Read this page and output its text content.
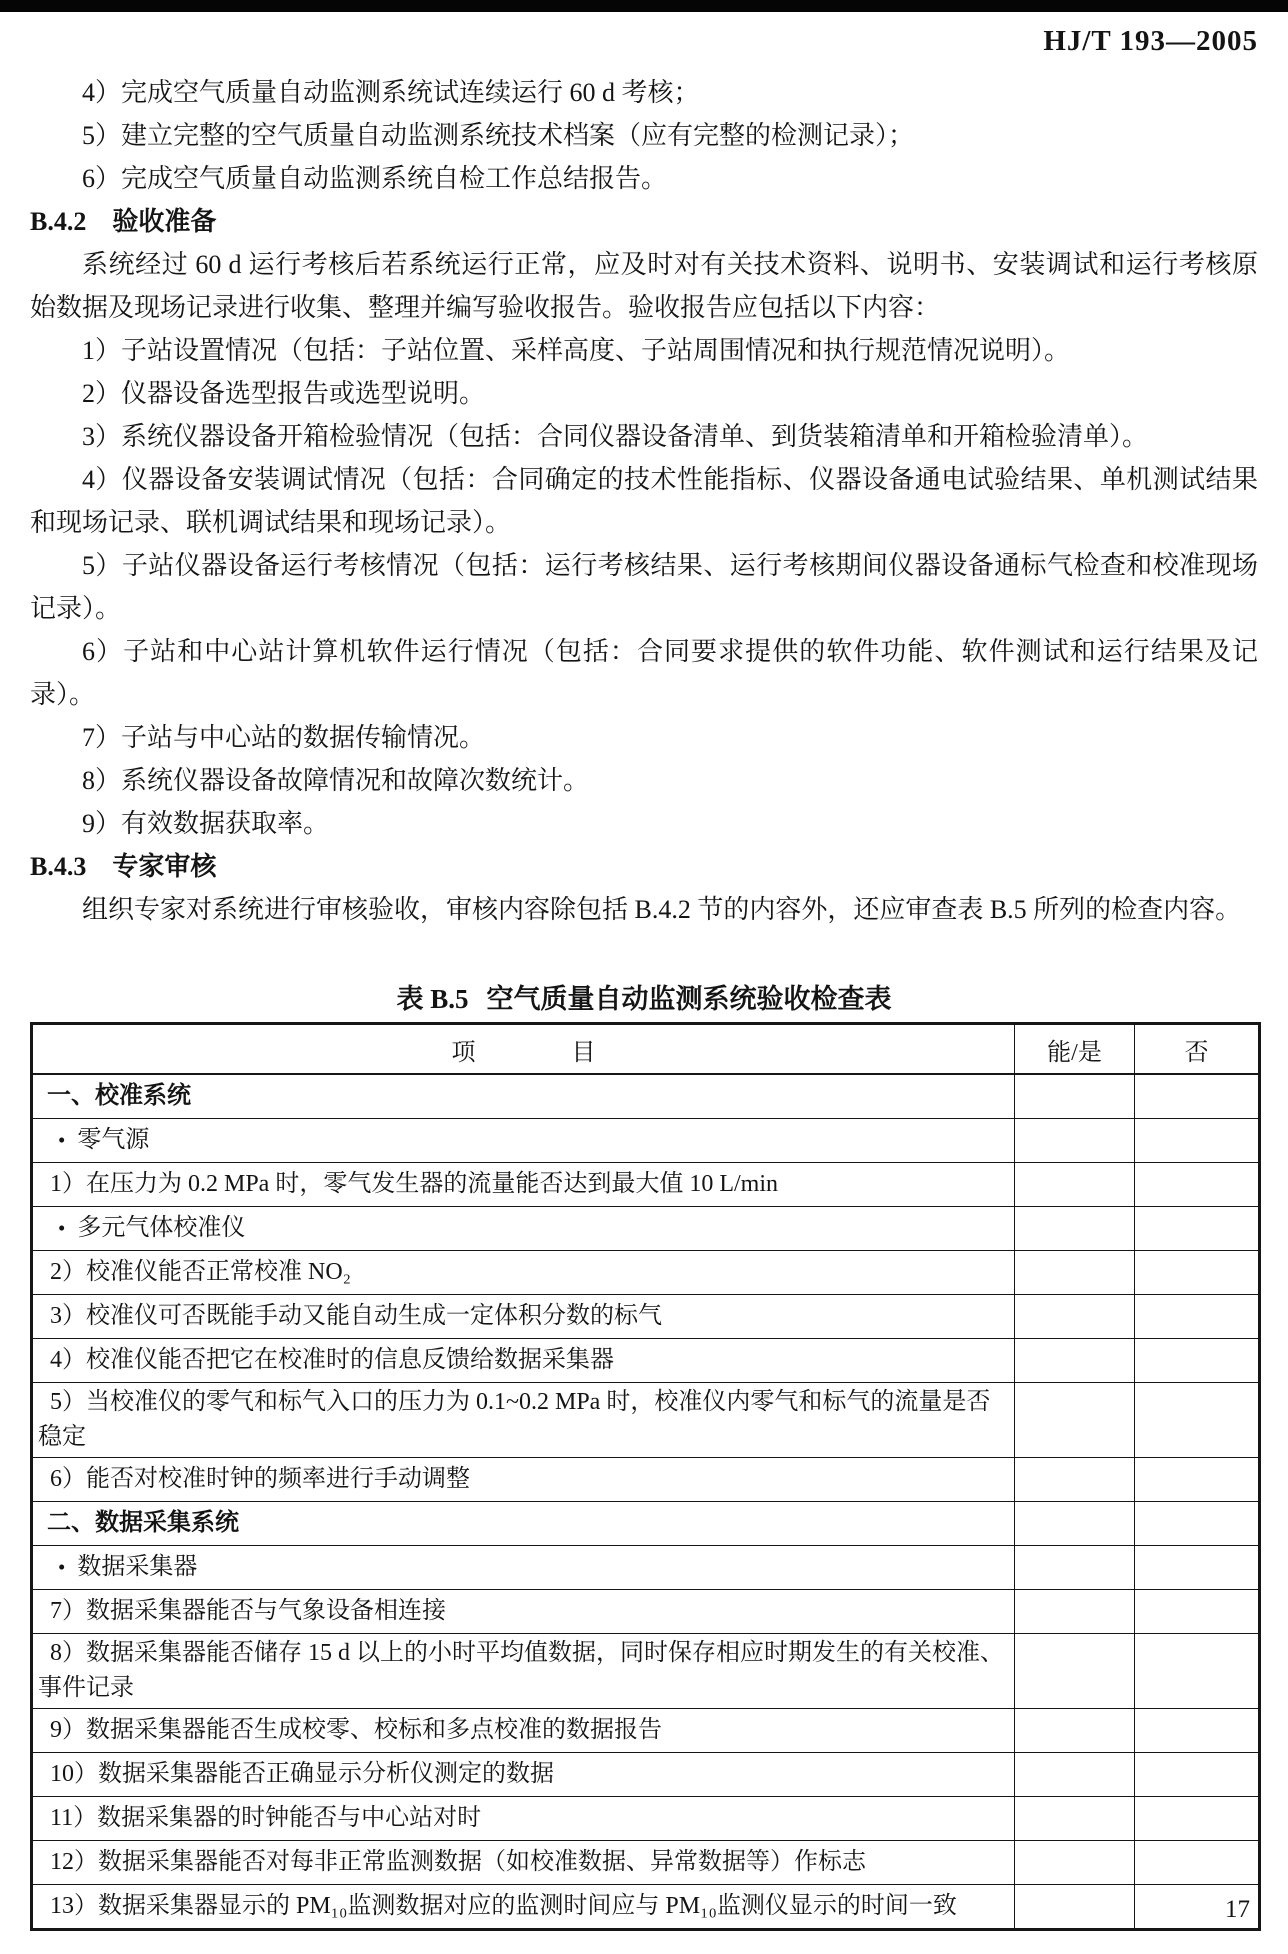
HJ/T 193—2005
4）完成空气质量自动监测系统试连续运行 60 d 考核；
5）建立完整的空气质量自动监测系统技术档案（应有完整的检测记录）；
6）完成空气质量自动监测系统自检工作总结报告。
B.4.2 验收准备
系统经过 60 d 运行考核后若系统运行正常，应及时对有关技术资料、说明书、安装调试和运行考核原始数据及现场记录进行收集、整理并编写验收报告。验收报告应包括以下内容：
1）子站设置情况（包括：子站位置、采样高度、子站周围情况和执行规范情况说明）。
2）仪器设备选型报告或选型说明。
3）系统仪器设备开箱检验情况（包括：合同仪器设备清单、到货装箱清单和开箱检验清单）。
4）仪器设备安装调试情况（包括：合同确定的技术性能指标、仪器设备通电试验结果、单机测试结果和现场记录、联机调试结果和现场记录）。
5）子站仪器设备运行考核情况（包括：运行考核结果、运行考核期间仪器设备通标气检查和校准现场记录）。
6）子站和中心站计算机软件运行情况（包括：合同要求提供的软件功能、软件测试和运行结果及记录）。
7）子站与中心站的数据传输情况。
8）系统仪器设备故障情况和故障次数统计。
9）有效数据获取率。
B.4.3 专家审核
组织专家对系统进行审核验收，审核内容除包括 B.4.2 节的内容外，还应审查表 B.5 所列的检查内容。
表 B.5 空气质量自动监测系统验收检查表
项　　　　目	能/是	否
一、校准系统		
• 零气源		
1）在压力为 0.2 MPa 时，零气发生器的流量能否达到最大值 10 L/min		
• 多元气体校准仪		
2）校准仪能否正常校准 NO₂		
3）校准仪可否既能手动又能自动生成一定体积分数的标气		
4）校准仪能否把它在校准时的信息反馈给数据采集器		
5）当校准仪的零气和标气入口的压力为 0.1~0.2 MPa 时，校准仪内零气和标气的流量是否稳定		
6）能否对校准时钟的频率进行手动调整		
二、数据采集系统		
• 数据采集器		
7）数据采集器能否与气象设备相连接		
8）数据采集器能否储存 15 d 以上的小时平均值数据，同时保存相应时期发生的有关校准、事件记录		
9）数据采集器能否生成校零、校标和多点校准的数据报告		
10）数据采集器能否正确显示分析仪测定的数据		
11）数据采集器的时钟能否与中心站对时		
12）数据采集器能否对每非正常监测数据（如校准数据、异常数据等）作标志		
13）数据采集器显示的 PM₁₀监测数据对应的监测时间应与 PM₁₀监测仪显示的时间一致			17
